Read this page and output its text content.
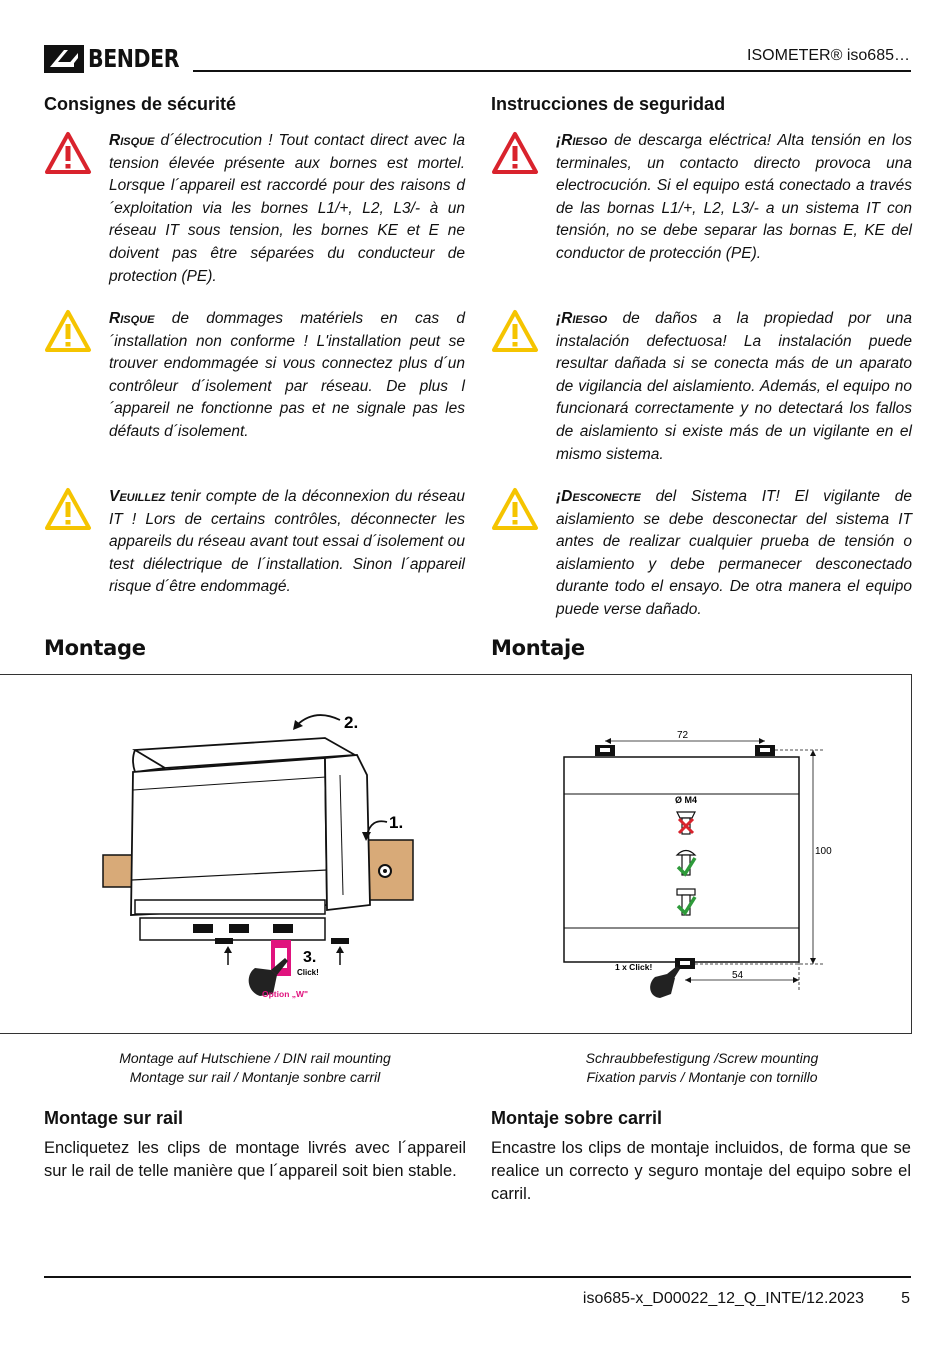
BENDER	ISOMETER® iso685…
Consignes de sécurité	Instrucciones de seguridad
Risque d´électrocution ! Tout contact direct avec la tension élevée présente aux bornes est mortel. Lorsque l´appareil est raccordé pour des raisons d´exploitation via les bornes L1/+, L2, L3/- à un réseau IT sous tension, les bornes KE et E ne doivent pas être séparées du conducteur de protection (PE).
Risque de dommages matériels en cas d´installation non conforme ! L'installation peut se trouver endommagée si vous connectez plus d´un contrôleur d´isolement par réseau. De plus l´appareil ne fonctionne pas et ne signale pas les défauts d´isolement.
Veuillez tenir compte de la déconnexion du réseau IT ! Lors de certains contrôles, déconnecter les appareils du réseau avant tout essai d´isolement ou test diélectrique de l´installation. Sinon l´appareil risque d´être endommagé.
¡Riesgo de descarga eléctrica! Alta tensión en los terminales, un contacto directo provoca una electrocución. Si el equipo está conectado a través de las bornas L1/+, L2, L3/- a un sistema IT con tensión, no se debe separar las bornas E, KE del conductor de protección (PE).
¡Riesgo de daños a la propiedad por una instalación defectuosa! La instalación puede resultar dañada si se conecta más de un aparato de vigilancia del aislamiento. Además, el equipo no funcionará correctamente y no detectará los fallos de aislamiento si existe más de un vigilante en el mismo sistema.
¡Desconecte del Sistema IT! El vigilante de aislamiento se debe desconectar del sistema IT antes de realizar cualquier prueba de tensión o aislamiento y debe permanecer desconectado durante todo el ensayo. De otra manera el equipo puede verse dañado.
Montage	Montaje
2.
1.
3.
Click!
Option „W"
72
100
54
Ø M4
1 x Click!
Montage auf Hutschiene / DIN rail mounting
Montage sur rail / Montanje sonbre carril
Schraubbefestigung /Screw mounting
Fixation parvis / Montanje con tornillo
Montage sur rail	Montaje sobre carril
Encliquetez les clips de montage livrés avec l´appareil sur le rail de telle manière que l´appareil soit bien stable.
Encastre los clips de montaje incluidos, de forma que se realice un correcto y seguro montaje del equipo sobre el carril.
iso685-x_D00022_12_Q_INTE/12.2023 5
